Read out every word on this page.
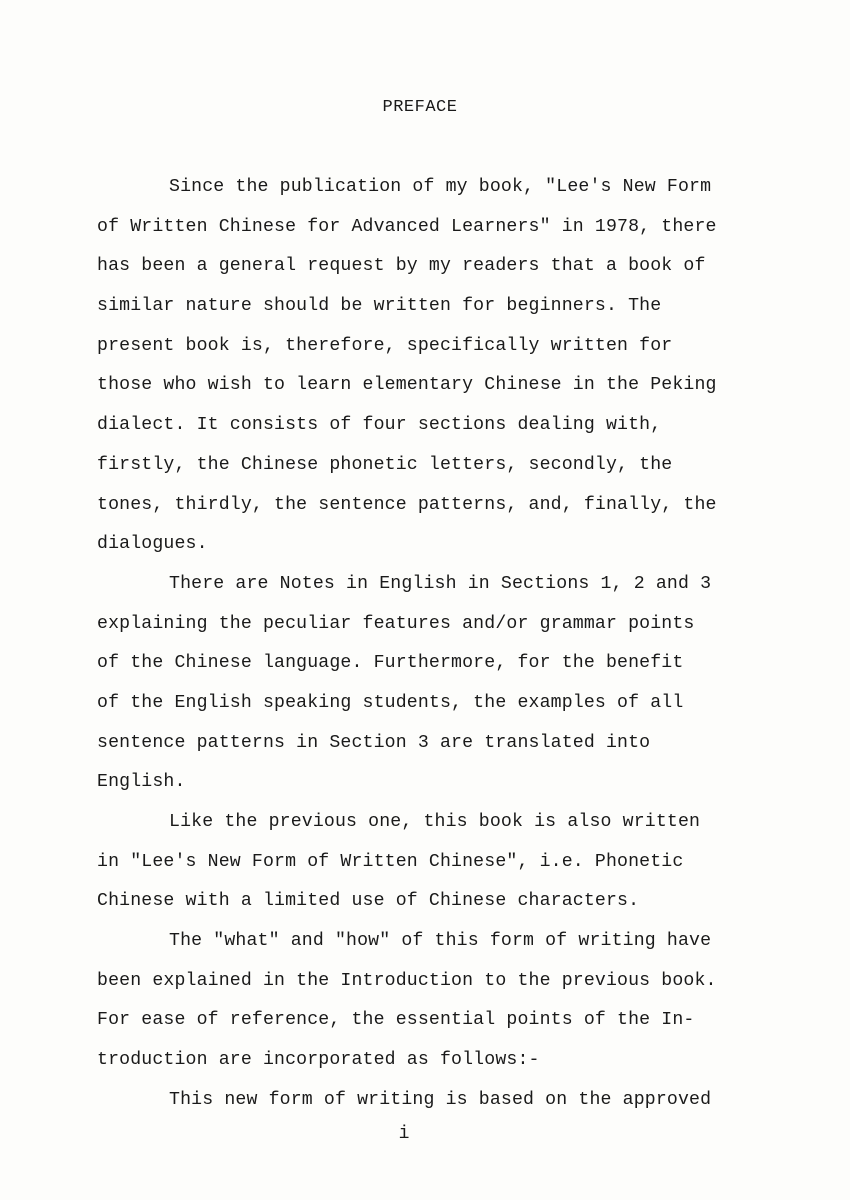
PREFACE
Since the publication of my book, "Lee's New Form
of Written Chinese for Advanced Learners" in 1978, there
has been a general request by my readers that a book of
similar nature should be written for beginners. The
present book is, therefore, specifically written for
those who wish to learn elementary Chinese in the Peking
dialect. It consists of four sections dealing with,
firstly, the Chinese phonetic letters, secondly, the
tones, thirdly, the sentence patterns, and, finally, the
dialogues.
There are Notes in English in Sections 1, 2 and 3
explaining the peculiar features and/or grammar points
of the Chinese language. Furthermore, for the benefit
of the English speaking students, the examples of all
sentence patterns in Section 3 are translated into
English.
Like the previous one, this book is also written
in "Lee's New Form of Written Chinese", i.e. Phonetic
Chinese with a limited use of Chinese characters.
The "what" and "how" of this form of writing have
been explained in the Introduction to the previous book.
For ease of reference, the essential points of the In-
troduction are incorporated as follows:-
This new form of writing is based on the approved
i
